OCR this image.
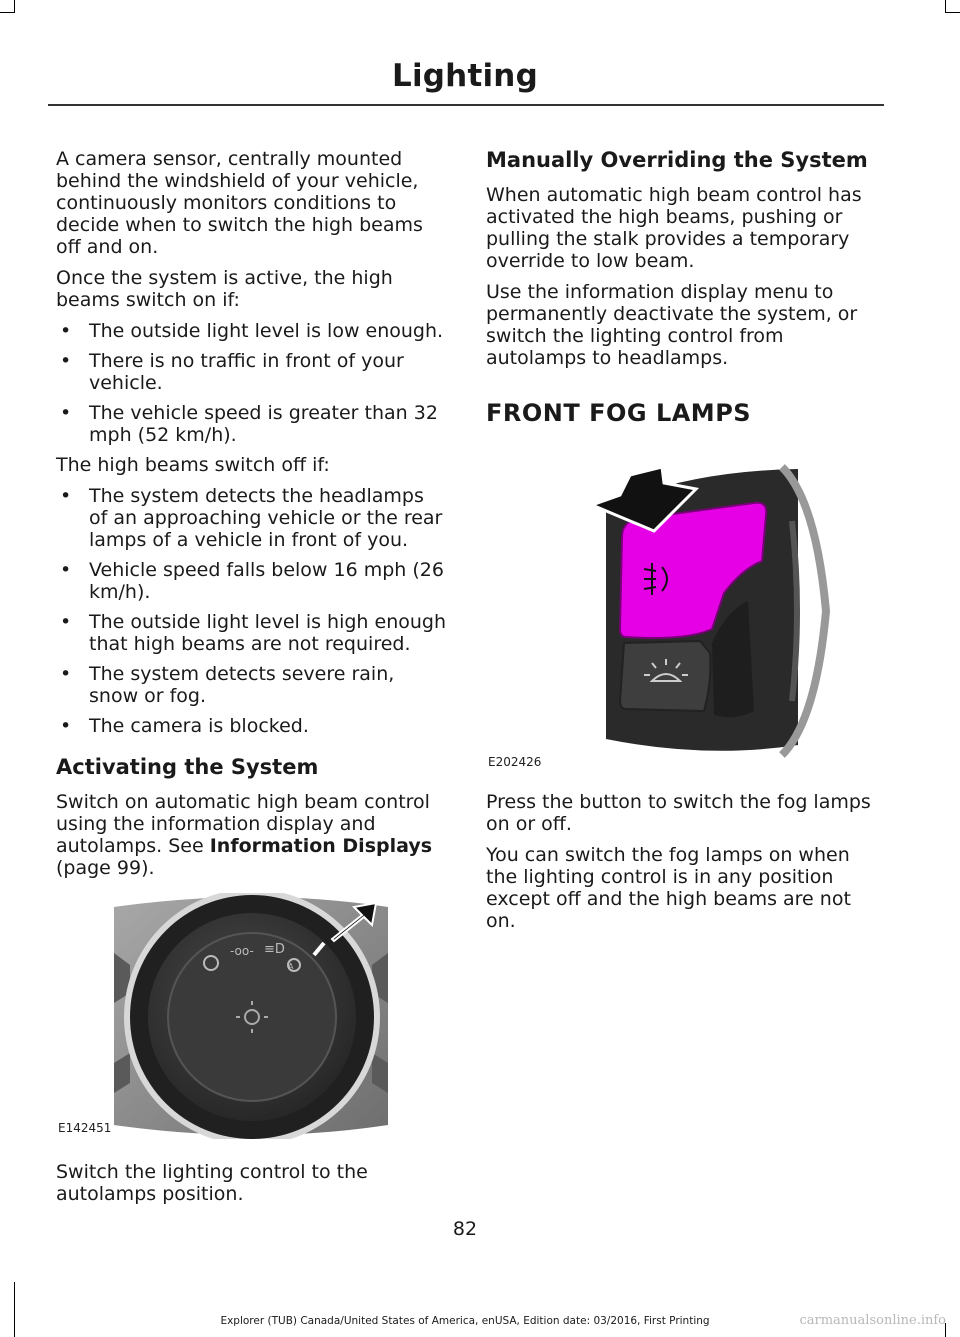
Lighting

A camera sensor, centrally mounted behind the windshield of your vehicle, continuously monitors conditions to decide when to switch the high beams off and on.

Once the system is active, the high beams switch on if:

• The outside light level is low enough.
• There is no traffic in front of your vehicle.
• The vehicle speed is greater than 32 mph (52 km/h).

The high beams switch off if:

• The system detects the headlamps of an approaching vehicle or the rear lamps of a vehicle in front of you.
• Vehicle speed falls below 16 mph (26 km/h).
• The outside light level is high enough that high beams are not required.
• The system detects severe rain, snow or fog.
• The camera is blocked.
Activating the System

Switch on automatic high beam control using the information display and autolamps. See Information Displays (page 99).

-oo- ≡D
A
E142451

Switch the lighting control to the autolamps position.

Manually Overriding the System

When automatic high beam control has activated the high beams, pushing or pulling the stalk provides a temporary override to low beam.

Use the information display menu to permanently deactivate the system, or switch the lighting control from autolamps to headlamps.

FRONT FOG LAMPS
E202426

Press the button to switch the fog lamps on or off.

You can switch the fog lamps on when the lighting control is in any position except off and the high beams are not on.

82
Explorer (TUB) Canada/United States of America, enUSA, Edition date: 03/2016, First Printing	carmanualsonline.info
